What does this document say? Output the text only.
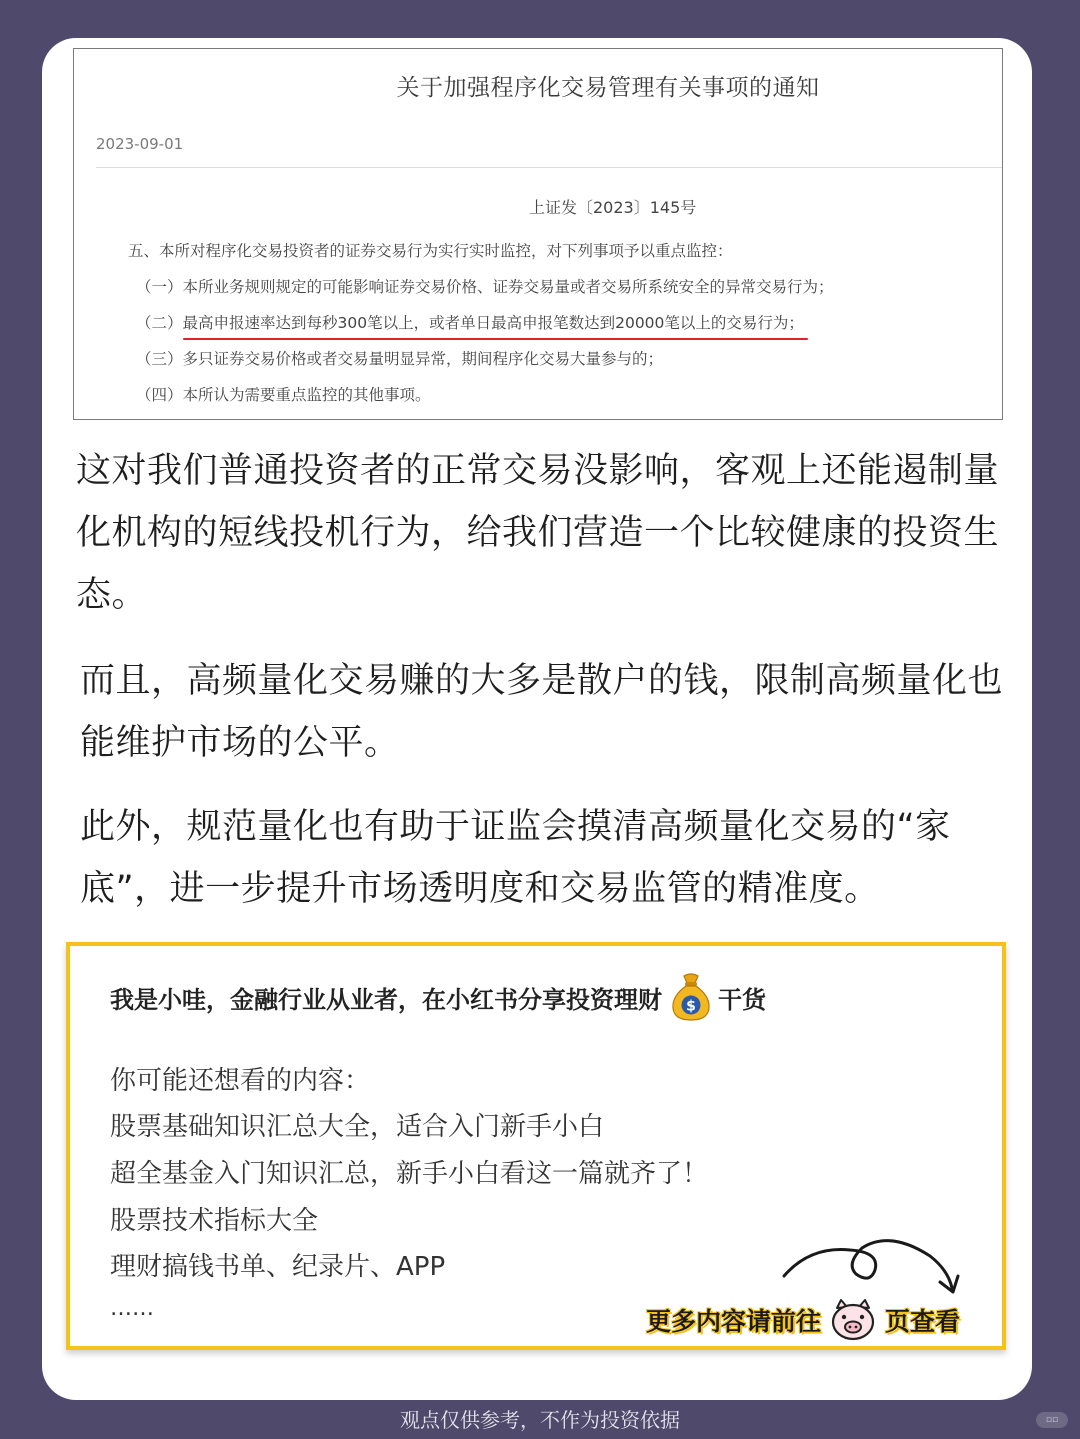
关于加强程序化交易管理有关事项的通知
2023-09-01
上证发〔2023〕145号
五、本所对程序化交易投资者的证券交易行为实行实时监控，对下列事项予以重点监控：
（一）本所业务规则规定的可能影响证券交易价格、证券交易量或者交易所系统安全的异常交易行为；
（二）最高申报速率达到每秒300笔以上，或者单日最高申报笔数达到20000笔以上的交易行为；
（三）多只证券交易价格或者交易量明显异常，期间程序化交易大量参与的；
（四）本所认为需要重点监控的其他事项。
这对我们普通投资者的正常交易没影响，客观上还能遏制量化机构的短线投机行为，给我们营造一个比较健康的投资生态。
而且，高频量化交易赚的大多是散户的钱，限制高频量化也能维护市场的公平。
此外，规范量化也有助于证监会摸清高频量化交易的“家底”，进一步提升市场透明度和交易监管的精准度。
我是小哇，金融行业从业者，在小红书分享投资理财 $ 干货
你可能还想看的内容：
股票基础知识汇总大全，适合入门新手小白
超全基金入门知识汇总，新手小白看这一篇就齐了！
股票技术指标大全
理财搞钱书单、纪录片、APP
……	更多内容请前往	页查看
观点仅供参考，不作为投资依据	▫▫
